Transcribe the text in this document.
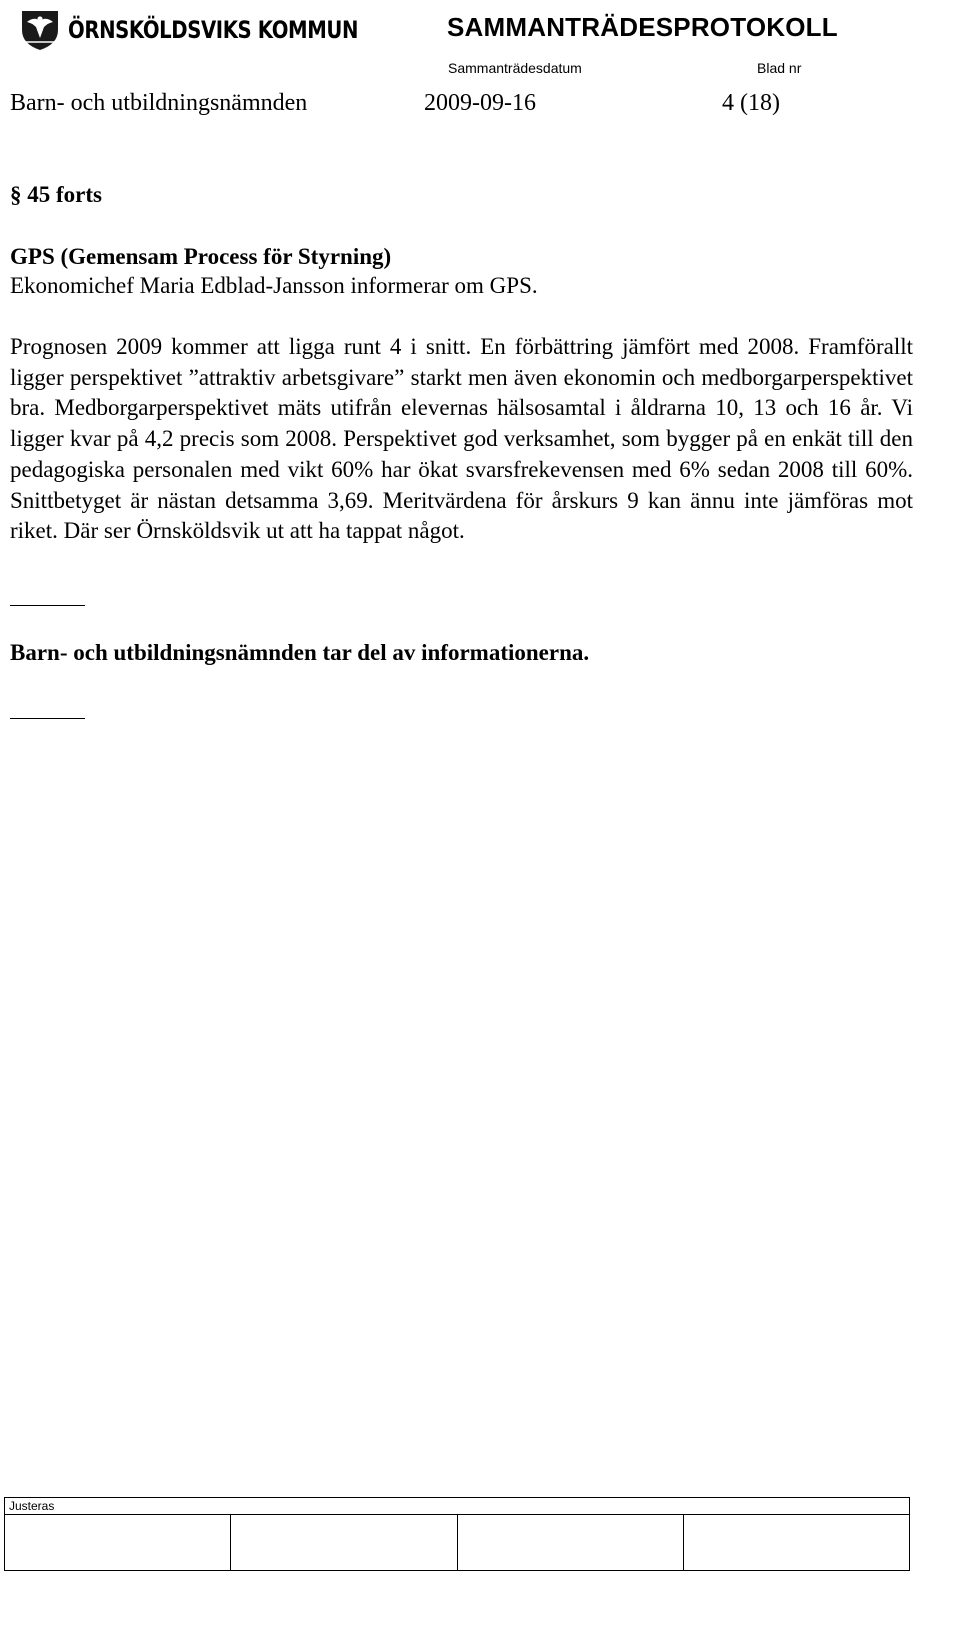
ÖRNSKÖLDSVIKS KOMMUN	SAMMANTRÄDESPROTOKOLL
Sammanträdesdatum	Blad nr
Barn- och utbildningsnämnden	2009-09-16	4 (18)
§ 45 forts
GPS (Gemensam Process för Styrning)
Ekonomichef Maria Edblad-Jansson informerar om GPS.

Prognosen 2009 kommer att ligga runt 4 i snitt. En förbättring jämfört med 2008. Framförallt ligger perspektivet ”attraktiv arbetsgivare” starkt men även ekonomin och medborgarperspektivet bra. Medborgarperspektivet mäts utifrån elevernas hälsosamtal i åldrarna 10, 13 och 16 år. Vi ligger kvar på 4,2 precis som 2008. Perspektivet god verksamhet, som bygger på en enkät till den pedagogiska personalen med vikt 60% har ökat svarsfrekevensen med 6% sedan 2008 till 60%. Snittbetyget är nästan detsamma 3,69. Meritvärdena för årskurs 9 kan ännu inte jämföras mot riket. Där ser Örnsköldsvik ut att ha tappat något.

Barn- och utbildningsnämnden tar del av informationerna.
Justeras
